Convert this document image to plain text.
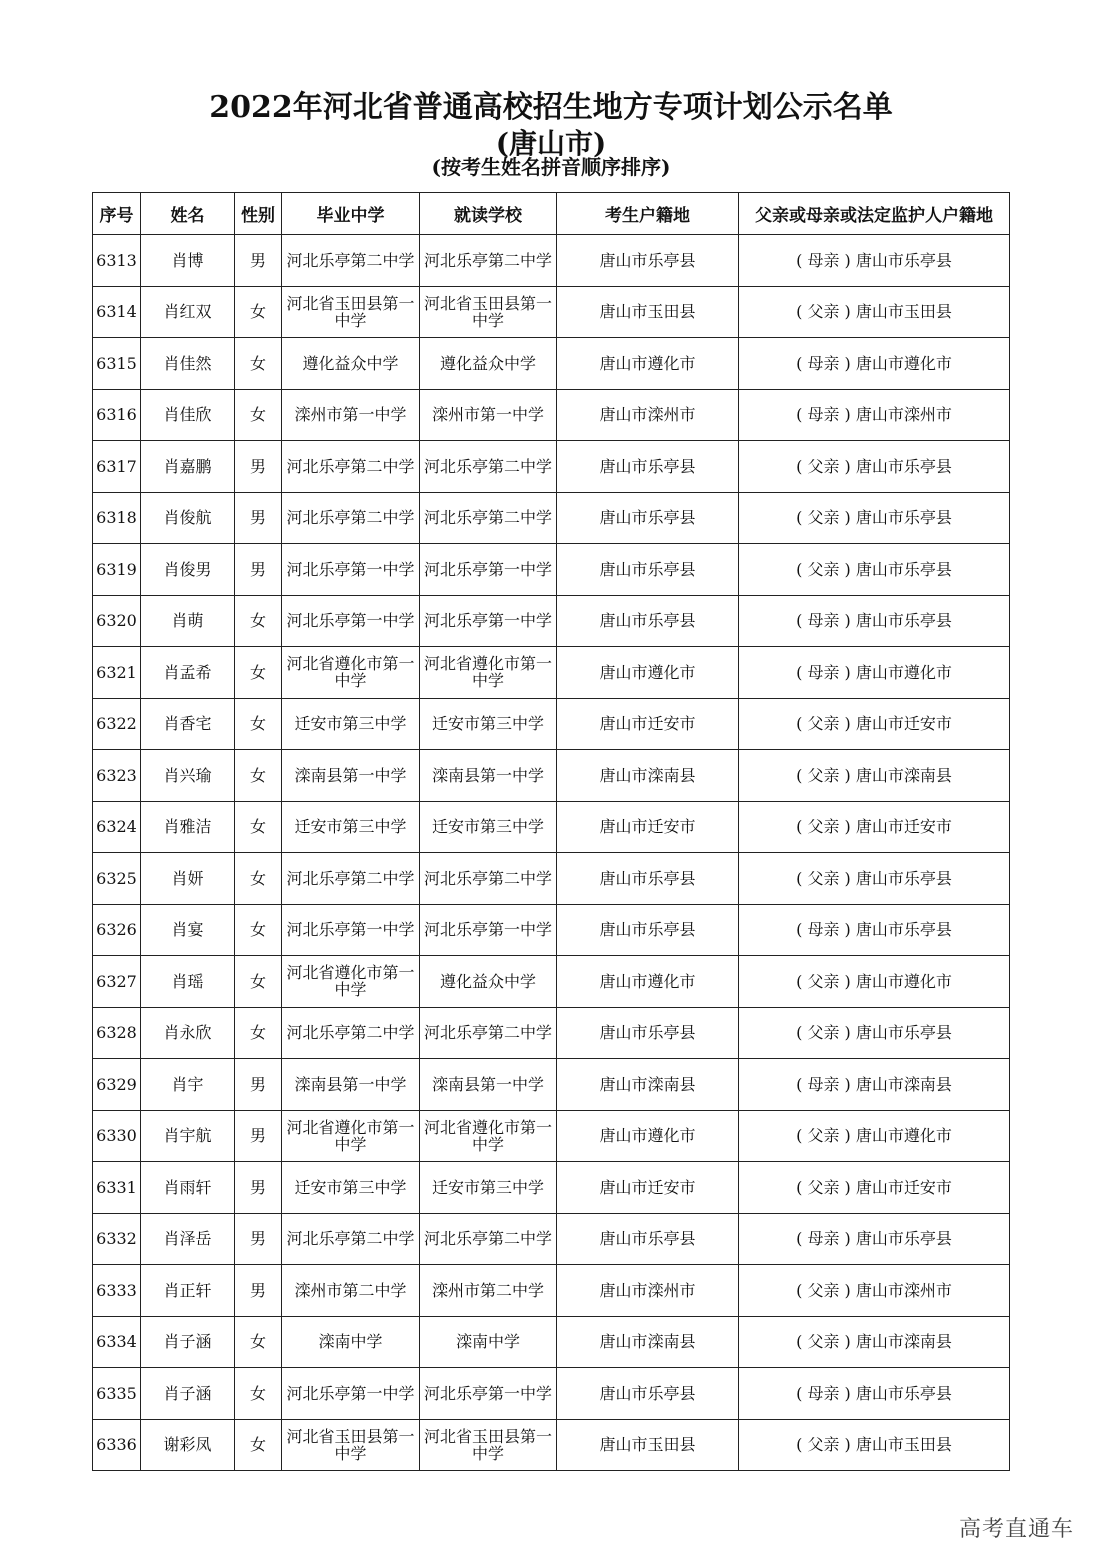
2022年河北省普通高校招生地方专项计划公示名单
(唐山市)
(按考生姓名拼音顺序排序)
序号	姓名	性别	毕业中学	就读学校	考生户籍地	父亲或母亲或法定监护人户籍地
6313	肖博	男	河北乐亭第二中学	河北乐亭第二中学	唐山市乐亭县	( 母亲 ) 唐山市乐亭县
6314	肖红双	女	河北省玉田县第一中学	河北省玉田县第一中学	唐山市玉田县	( 父亲 ) 唐山市玉田县
6315	肖佳然	女	遵化益众中学	遵化益众中学	唐山市遵化市	( 母亲 ) 唐山市遵化市
6316	肖佳欣	女	滦州市第一中学	滦州市第一中学	唐山市滦州市	( 母亲 ) 唐山市滦州市
6317	肖嘉鹏	男	河北乐亭第二中学	河北乐亭第二中学	唐山市乐亭县	( 父亲 ) 唐山市乐亭县
6318	肖俊航	男	河北乐亭第二中学	河北乐亭第二中学	唐山市乐亭县	( 父亲 ) 唐山市乐亭县
6319	肖俊男	男	河北乐亭第一中学	河北乐亭第一中学	唐山市乐亭县	( 父亲 ) 唐山市乐亭县
6320	肖萌	女	河北乐亭第一中学	河北乐亭第一中学	唐山市乐亭县	( 母亲 ) 唐山市乐亭县
6321	肖孟希	女	河北省遵化市第一中学	河北省遵化市第一中学	唐山市遵化市	( 母亲 ) 唐山市遵化市
6322	肖香宅	女	迁安市第三中学	迁安市第三中学	唐山市迁安市	( 父亲 ) 唐山市迁安市
6323	肖兴瑜	女	滦南县第一中学	滦南县第一中学	唐山市滦南县	( 父亲 ) 唐山市滦南县
6324	肖雅洁	女	迁安市第三中学	迁安市第三中学	唐山市迁安市	( 父亲 ) 唐山市迁安市
6325	肖妍	女	河北乐亭第二中学	河北乐亭第二中学	唐山市乐亭县	( 父亲 ) 唐山市乐亭县
6326	肖宴	女	河北乐亭第一中学	河北乐亭第一中学	唐山市乐亭县	( 母亲 ) 唐山市乐亭县
6327	肖瑶	女	河北省遵化市第一中学	遵化益众中学	唐山市遵化市	( 父亲 ) 唐山市遵化市
6328	肖永欣	女	河北乐亭第二中学	河北乐亭第二中学	唐山市乐亭县	( 父亲 ) 唐山市乐亭县
6329	肖宇	男	滦南县第一中学	滦南县第一中学	唐山市滦南县	( 母亲 ) 唐山市滦南县
6330	肖宇航	男	河北省遵化市第一中学	河北省遵化市第一中学	唐山市遵化市	( 父亲 ) 唐山市遵化市
6331	肖雨轩	男	迁安市第三中学	迁安市第三中学	唐山市迁安市	( 父亲 ) 唐山市迁安市
6332	肖泽岳	男	河北乐亭第二中学	河北乐亭第二中学	唐山市乐亭县	( 母亲 ) 唐山市乐亭县
6333	肖正轩	男	滦州市第二中学	滦州市第二中学	唐山市滦州市	( 父亲 ) 唐山市滦州市
6334	肖子涵	女	滦南中学	滦南中学	唐山市滦南县	( 父亲 ) 唐山市滦南县
6335	肖子涵	女	河北乐亭第一中学	河北乐亭第一中学	唐山市乐亭县	( 母亲 ) 唐山市乐亭县
6336	谢彩凤	女	河北省玉田县第一中学	河北省玉田县第一中学	唐山市玉田县	( 父亲 ) 唐山市玉田县
高考直通车
